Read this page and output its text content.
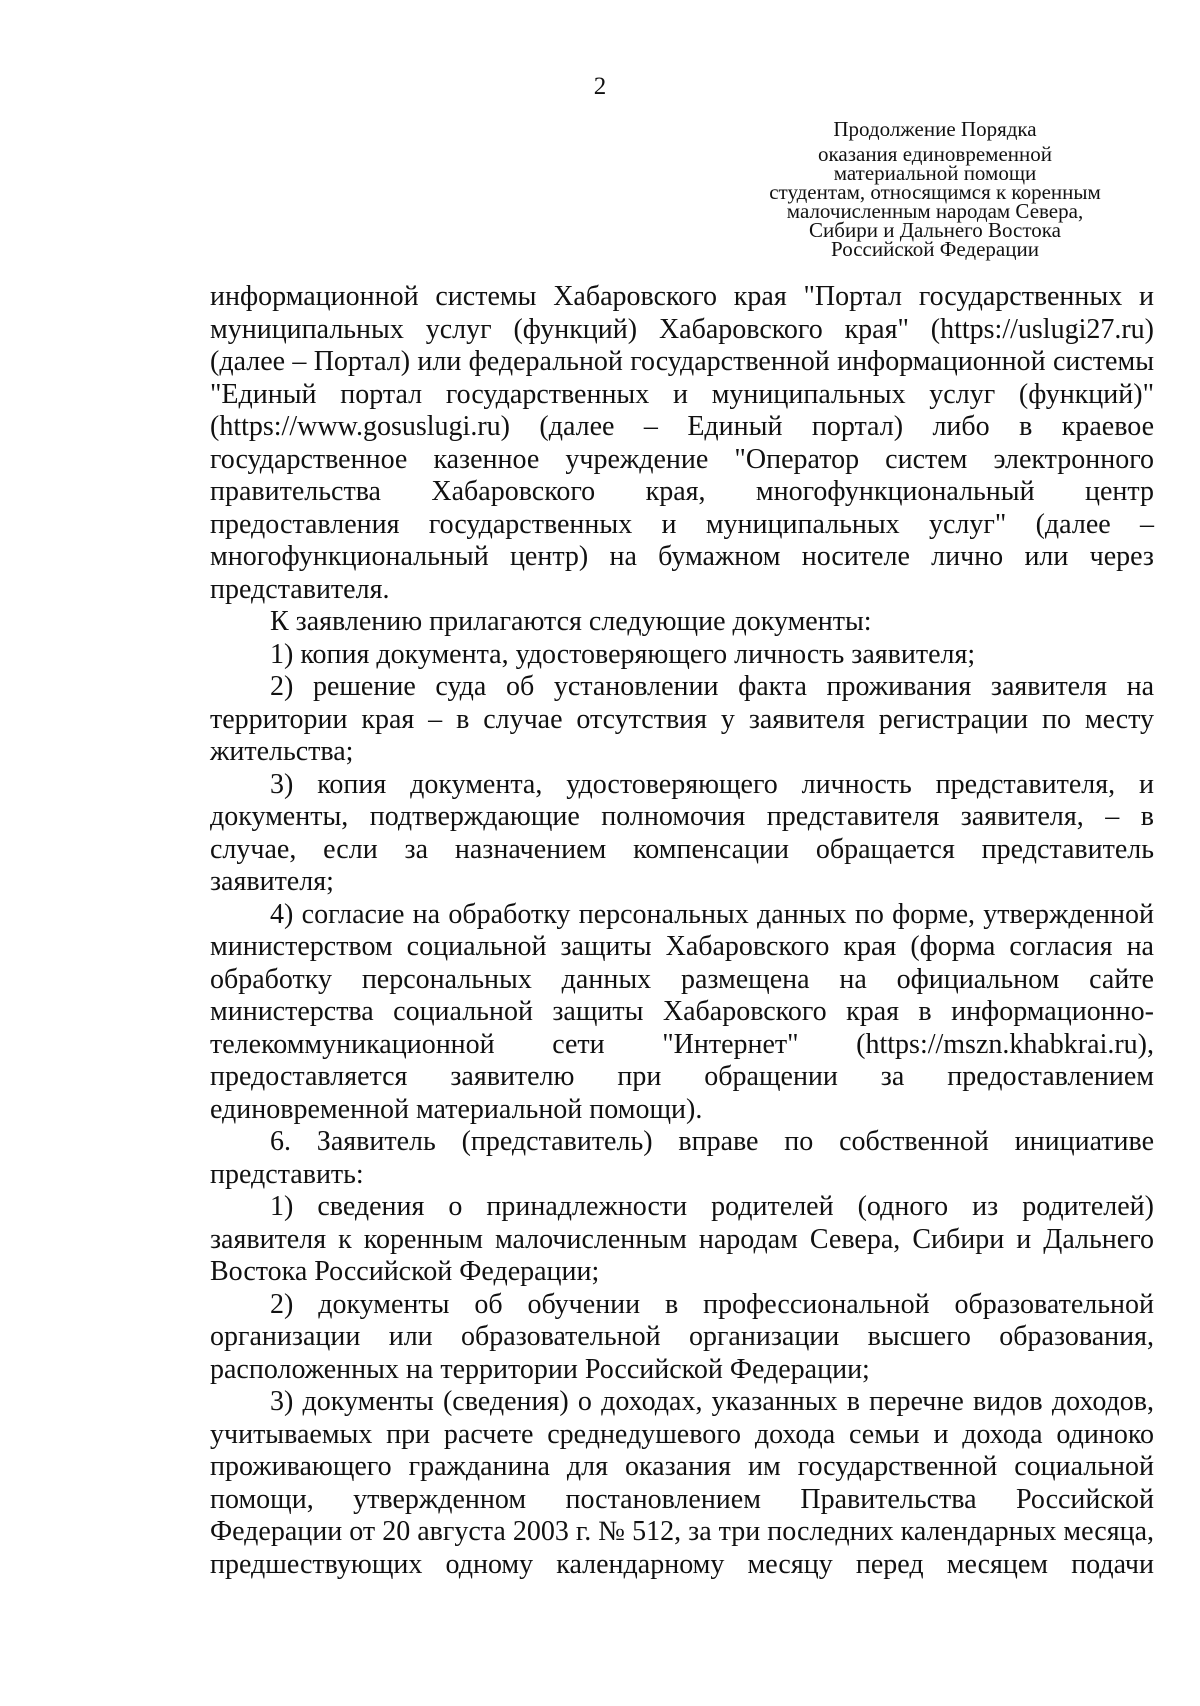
2
Продолжение Порядка
оказания единовременной
материальной помощи
студентам, относящимся к коренным
малочисленным народам Севера,
Сибири и Дальнего Востока
Российской Федерации

информационной системы Хабаровского края "Портал государственных и муниципальных услуг (функций) Хабаровского края" (https://uslugi27.ru) (далее – Портал) или федеральной государственной информационной системы "Единый портал государственных и муниципальных услуг (функций)" (https://www.gosuslugi.ru) (далее – Единый портал) либо в краевое государственное казенное учреждение "Оператор систем электронного правительства Хабаровского края, многофункциональный центр предоставления государственных и муниципальных услуг" (далее – многофункциональный центр) на бумажном носителе лично или через представителя.

К заявлению прилагаются следующие документы:

1) копия документа, удостоверяющего личность заявителя;

2) решение суда об установлении факта проживания заявителя на территории края – в случае отсутствия у заявителя регистрации по месту жительства;

3) копия документа, удостоверяющего личность представителя, и документы, подтверждающие полномочия представителя заявителя, – в случае, если за назначением компенсации обращается представитель заявителя;

4) согласие на обработку персональных данных по форме, утвержденной министерством социальной защиты Хабаровского края (форма согласия на обработку персональных данных размещена на официальном сайте министерства социальной защиты Хабаровского края в информационно-телекоммуникационной сети "Интернет" (https://mszn.khabkrai.ru), предоставляется заявителю при обращении за предоставлением единовременной материальной помощи).

6. Заявитель (представитель) вправе по собственной инициативе представить:

1) сведения о принадлежности родителей (одного из родителей) заявителя к коренным малочисленным народам Севера, Сибири и Дальнего Востока Российской Федерации;

2) документы об обучении в профессиональной образовательной организации или образовательной организации высшего образования, расположенных на территории Российской Федерации;

3) документы (сведения) о доходах, указанных в перечне видов доходов, учитываемых при расчете среднедушевого дохода семьи и дохода одиноко проживающего гражданина для оказания им государственной социальной помощи, утвержденном постановлением Правительства Российской Федерации от 20 августа 2003 г. № 512, за три последних календарных месяца, предшествующих одному календарному месяцу перед месяцем подачи
